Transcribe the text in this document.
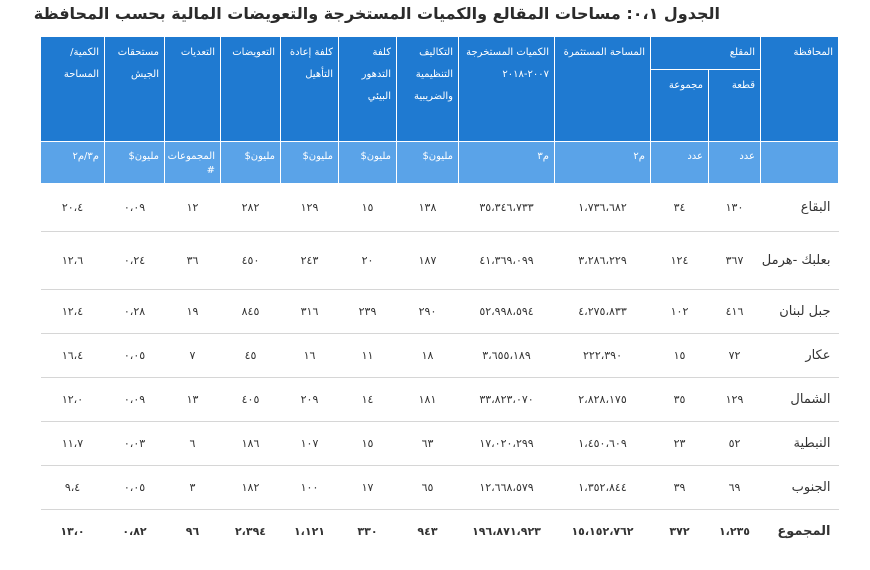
الجدول ٠،١: مساحات المقالع والكميات المستخرجة والتعويضات المالية بحسب المحافظة
المحافظة	المقلع		المساحة المستثمرة	الكميات المستخرجة ٢٠٠٧-٢٠١٨	التكاليف التنظيمية والضريبية	كلفة التدهور البيئي	كلفة إعادة التأهيل	التعويضات	التعديات	مستحقات الجيش	الكمية/ المساحة
	قطعة	مجموعة									
	عدد	عدد	م٢	م٣	مليون$	مليون$	مليون$	مليون$	المجموعات #	مليون$	م٣/م٢
البقاع	١٣٠	٣٤	١،٧٣٦،٦٨٢	٣٥،٣٤٦،٧٣٣	١٣٨	١٥	١٢٩	٢٨٢	١٢	٠،٠٩	٢٠،٤
بعلبك -هرمل	٣٦٧	١٢٤	٣،٢٨٦،٢٢٩	٤١،٣٦٩،٠٩٩	١٨٧	٢٠	٢٤٣	٤٥٠	٣٦	٠،٢٤	١٢،٦
جبل لبنان	٤١٦	١٠٢	٤،٢٧٥،٨٣٣	٥٢،٩٩٨،٥٩٤	٢٩٠	٢٣٩	٣١٦	٨٤٥	١٩	٠،٢٨	١٢،٤
عكار	٧٢	١٥	٢٢٢،٣٩٠	٣،٦٥٥،١٨٩	١٨	١١	١٦	٤٥	٧	٠،٠٥	١٦،٤
الشمال	١٢٩	٣٥	٢،٨٢٨،١٧٥	٣٣،٨٢٣،٠٧٠	١٨١	١٤	٢٠٩	٤٠٥	١٣	٠،٠٩	١٢،٠
النبطية	٥٢	٢٣	١،٤٥٠،٦٠٩	١٧،٠٢٠،٢٩٩	٦٣	١٥	١٠٧	١٨٦	٦	٠،٠٣	١١،٧
الجنوب	٦٩	٣٩	١،٣٥٢،٨٤٤	١٢،٦٦٨،٥٧٩	٦٥	١٧	١٠٠	١٨٢	٣	٠،٠٥	٩،٤
المجموع	١،٢٣٥	٣٧٢	١٥،١٥٢،٧٦٢	١٩٦،٨٧١،٩٢٣	٩٤٣	٣٣٠	١،١٢١	٢،٣٩٤	٩٦	٠،٨٢	١٣،٠
